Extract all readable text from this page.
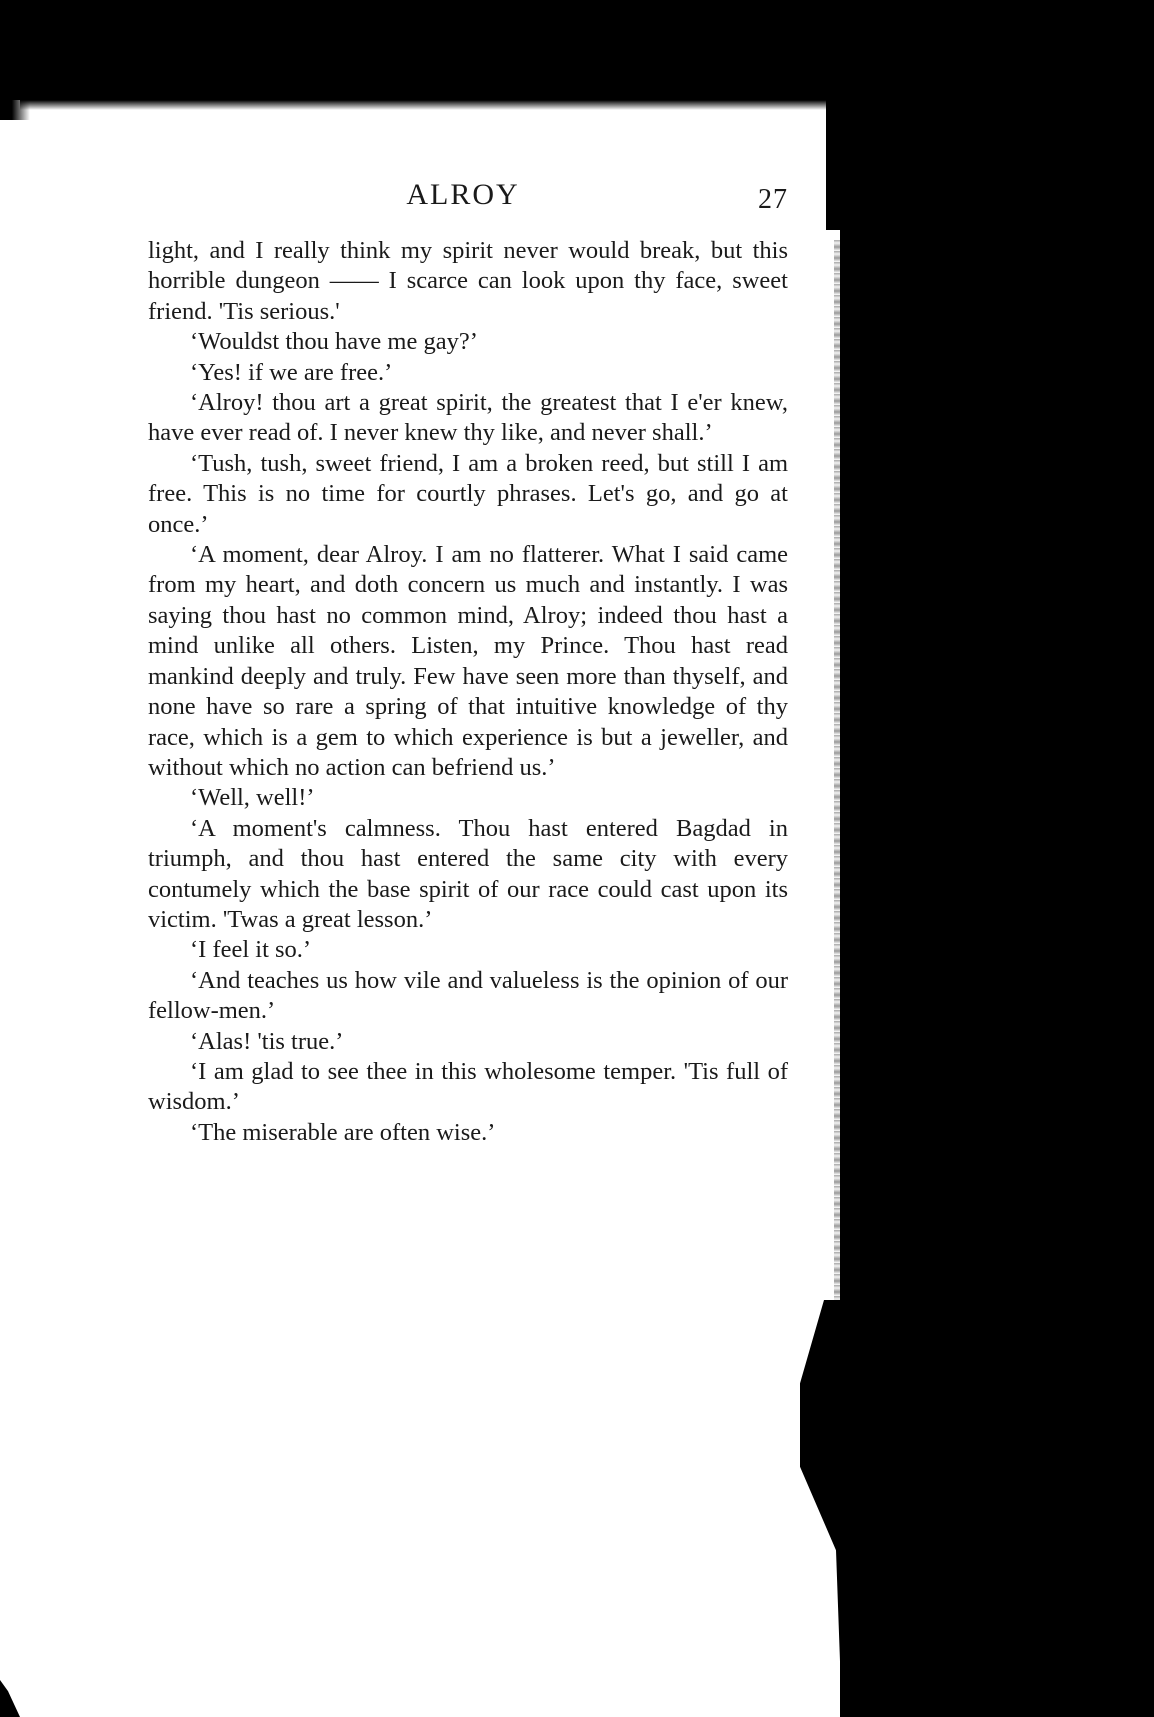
ALROY	27

light, and I really think my spirit never would break, but this horrible dungeon —— I scarce can look upon thy face, sweet friend. 'Tis serious.'

‘Wouldst thou have me gay?’

‘Yes! if we are free.’

‘Alroy! thou art a great spirit, the greatest that I e'er knew, have ever read of. I never knew thy like, and never shall.’

‘Tush, tush, sweet friend, I am a broken reed, but still I am free. This is no time for courtly phrases. Let's go, and go at once.’

‘A moment, dear Alroy. I am no flatterer. What I said came from my heart, and doth concern us much and instantly. I was saying thou hast no common mind, Alroy; indeed thou hast a mind unlike all others. Listen, my Prince. Thou hast read mankind deeply and truly. Few have seen more than thyself, and none have so rare a spring of that intuitive knowledge of thy race, which is a gem to which experience is but a jeweller, and without which no action can befriend us.’

‘Well, well!’

‘A moment's calmness. Thou hast entered Bagdad in triumph, and thou hast entered the same city with every contumely which the base spirit of our race could cast upon its victim. 'Twas a great lesson.’

‘I feel it so.’

‘And teaches us how vile and valueless is the opinion of our fellow-men.’

‘Alas! 'tis true.’

‘I am glad to see thee in this wholesome temper. 'Tis full of wisdom.’

‘The miserable are often wise.’
